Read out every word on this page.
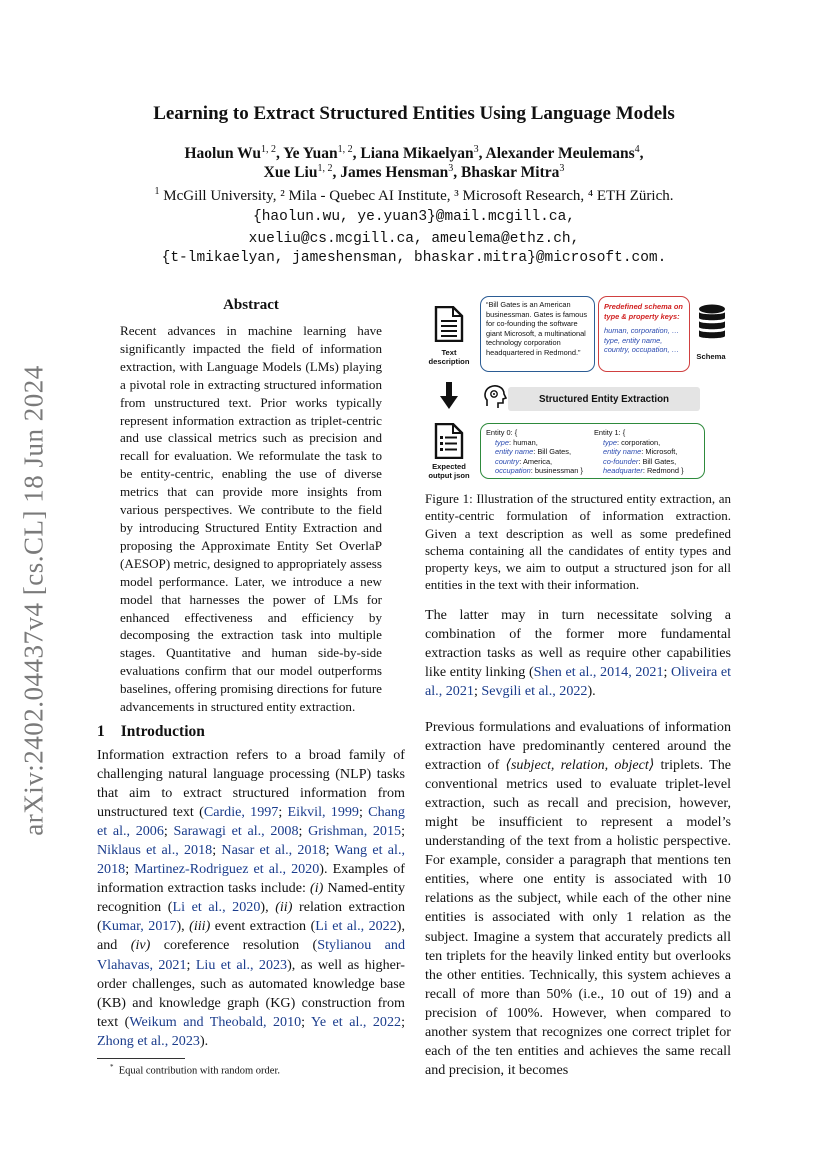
arXiv:2402.04437v4 [cs.CL] 18 Jun 2024
Learning to Extract Structured Entities Using Language Models
Haolun Wu$^{1, 2}$, Ye Yuan$^{1, 2}$, Liana Mikaelyan$^3$, Alexander Meulemans$^4$,
Xue Liu$^{1, 2}$, James Hensman$^3$, Bhaskar Mitra$^3$
$^1$ McGill University, ² Mila - Quebec AI Institute, ³ Microsoft Research, ⁴ ETH Zürich.
{haolun.wu, ye.yuan3}@mail.mcgill.ca,
xueliu@cs.mcgill.ca, ameulema@ethz.ch,
{t-lmikaelyan, jameshensman, bhaskar.mitra}@microsoft.com.
Abstract
Recent advances in machine learning have significantly impacted the field of information extraction, with Language Models (LMs) playing a pivotal role in extracting structured information from unstructured text. Prior works typically represent information extraction as triplet-centric and use classical metrics such as precision and recall for evaluation. We reformulate the task to be entity-centric, enabling the use of diverse metrics that can provide more insights from various perspectives. We contribute to the field by introducing Structured Entity Extraction and proposing the Approximate Entity Set OverlaP (AESOP) metric, designed to appropriately assess model performance. Later, we introduce a new model that harnesses the power of LMs for enhanced effectiveness and efficiency by decomposing the extraction task into multiple stages. Quantitative and human side-by-side evaluations confirm that our model outperforms baselines, offering promising directions for future advancements in structured entity extraction.
1 Introduction
Information extraction refers to a broad family of challenging natural language processing (NLP) tasks that aim to extract structured information from unstructured text (Cardie, 1997; Eikvil, 1999; Chang et al., 2006; Sarawagi et al., 2008; Grishman, 2015; Niklaus et al., 2018; Nasar et al., 2018; Wang et al., 2018; Martinez-Rodriguez et al., 2020). Examples of information extraction tasks include: (i) Named-entity recognition (Li et al., 2020), (ii) relation extraction (Kumar, 2017), (iii) event extraction (Li et al., 2022), and (iv) coreference resolution (Stylianou and Vlahavas, 2021; Liu et al., 2023), as well as higher-order challenges, such as automated knowledge base (KB) and knowledge graph (KG) construction from text (Weikum and Theobald, 2010; Ye et al., 2022; Zhong et al., 2023).
* Equal contribution with random order.
Text description
“Bill Gates is an American businessman. Gates is famous for co-founding the software giant Microsoft, a multinational technology corporation headquartered in Redmond.”
Predefined schema on type & property keys:
human, corporation, … type, entity name, country, occupation, …
Schema
Structured Entity Extraction
Expected output json
Entity 0: {
type: human,
entity name: Bill Gates,
country: America,
occupation: businessman }
Entity 1: {
type: corporation,
entity name: Microsoft,
co-founder: Bill Gates,
headquarter: Redmond }
Figure 1: Illustration of the structured entity extraction, an entity-centric formulation of information extraction. Given a text description as well as some predefined schema containing all the candidates of entity types and property keys, we aim to output a structured json for all entities in the text with their information.
The latter may in turn necessitate solving a combination of the former more fundamental extraction tasks as well as require other capabilities like entity linking (Shen et al., 2014, 2021; Oliveira et al., 2021; Sevgili et al., 2022).
Previous formulations and evaluations of information extraction have predominantly centered around the extraction of ⟨subject, relation, object⟩ triplets. The conventional metrics used to evaluate triplet-level extraction, such as recall and precision, however, might be insufficient to represent a model’s understanding of the text from a holistic perspective. For example, consider a paragraph that mentions ten entities, where one entity is associated with 10 relations as the subject, while each of the other nine entities is associated with only 1 relation as the subject. Imagine a system that accurately predicts all ten triplets for the heavily linked entity but overlooks the other entities. Technically, this system achieves a recall of more than 50% (i.e., 10 out of 19) and a precision of 100%. However, when compared to another system that recognizes one correct triplet for each of the ten entities and achieves the same recall and precision, it becomes
